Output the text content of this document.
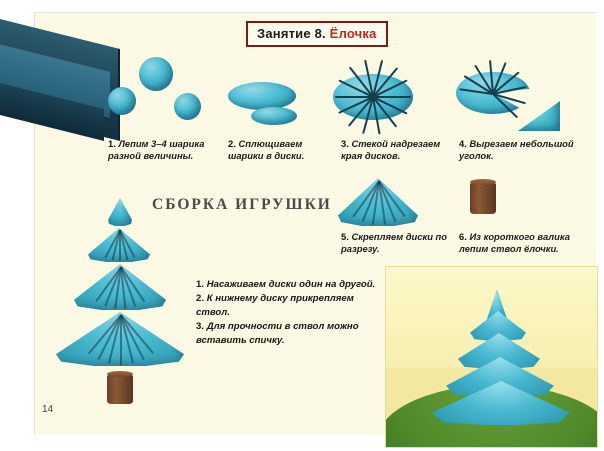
Занятие 8. Ёлочка
1. Лепим 3–4 шарика разной величины.
2. Сплющиваем шарики в диски.
3. Стекой надрезаем края диcков.
4. Вырезаем небольшой уголок.
5. Скрепляем диски по разрезу.
6. Из короткого валика лепим ствол ёлочки.
СБОРКА ИГРУШКИ
1. Насаживаем диски один на другой.
2. К нижнему диску прикрепляем ствол.
3. Для прочности в ствол можно вставить спичку.
14
